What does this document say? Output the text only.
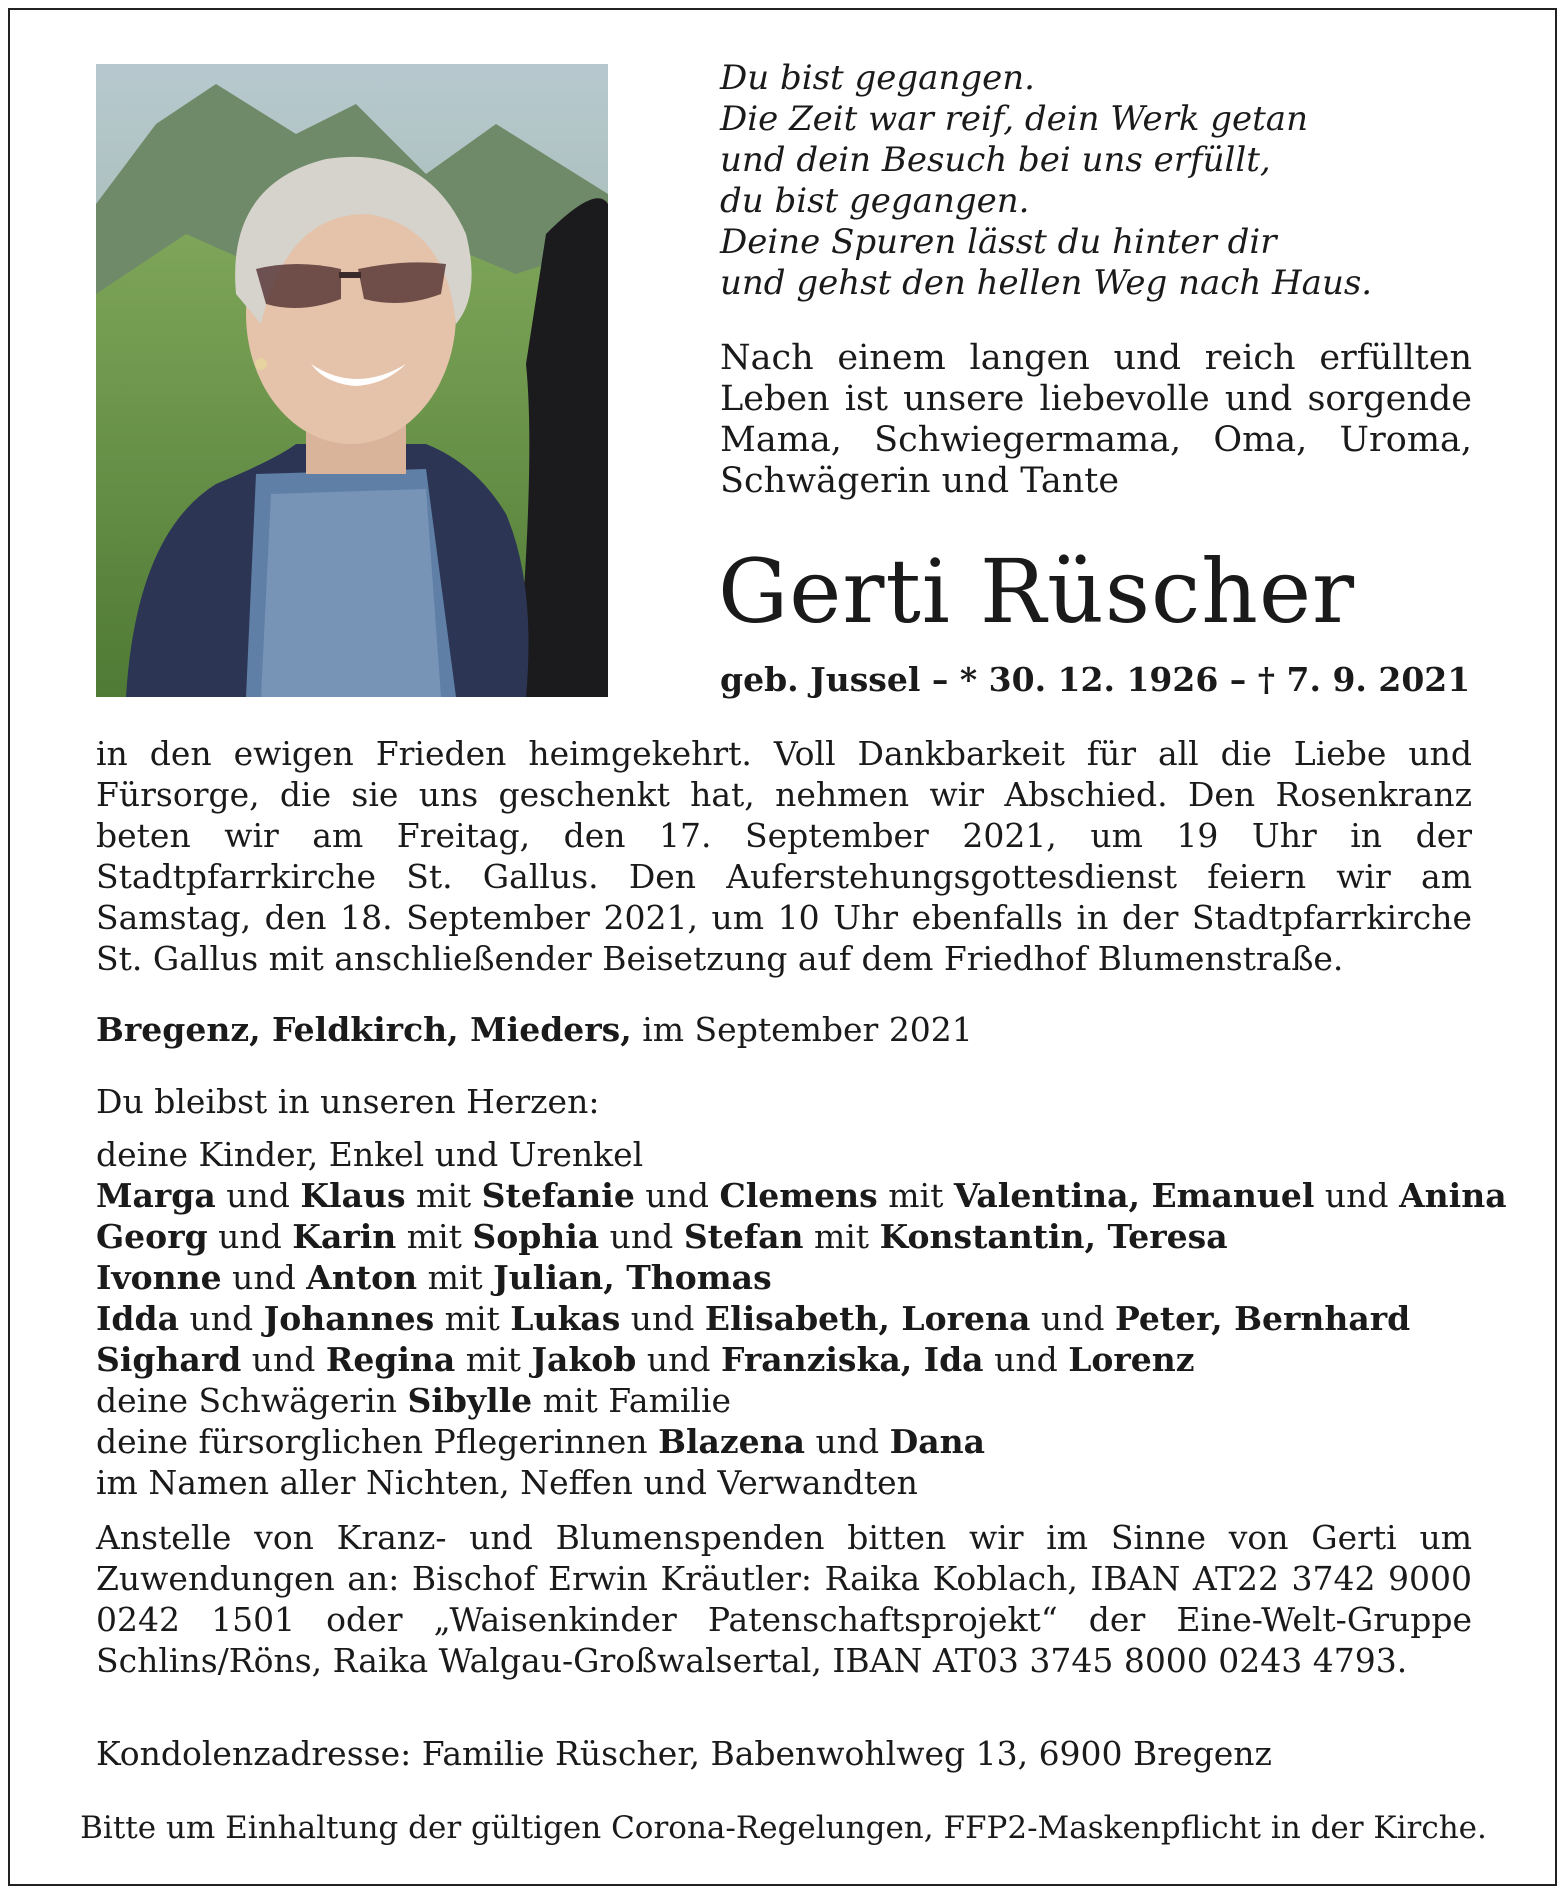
Du bist gegangen.
Die Zeit war reif, dein Werk getan
und dein Besuch bei uns erfüllt,
du bist gegangen.
Deine Spuren lässt du hinter dir
und gehst den hellen Weg nach Haus.
Nach einem langen und reich erfüllten Leben ist unsere liebevolle und sorgende Mama, Schwiegermama, Oma, Uroma, Schwägerin und Tante
Gerti Rüscher
geb. Jussel – * 30. 12. 1926 – † 7. 9. 2021
in den ewigen Frieden heimgekehrt. Voll Dankbarkeit für all die Liebe und Fürsorge, die sie uns geschenkt hat, nehmen wir Abschied. Den Rosenkranz beten wir am Freitag, den 17. September 2021, um 19 Uhr in der Stadtpfarrkirche St. Gallus. Den Auferstehungsgottesdienst feiern wir am Samstag, den 18. September 2021, um 10 Uhr ebenfalls in der Stadtpfarrkirche St. Gallus mit anschließender Beisetzung auf dem Friedhof Blumenstraße.
Bregenz, Feldkirch, Mieders, im September 2021
Du bleibst in unseren Herzen:
deine Kinder, Enkel und Urenkel
Marga und Klaus mit Stefanie und Clemens mit Valentina, Emanuel und Anina
Georg und Karin mit Sophia und Stefan mit Konstantin, Teresa
Ivonne und Anton mit Julian, Thomas
Idda und Johannes mit Lukas und Elisabeth, Lorena und Peter, Bernhard
Sighard und Regina mit Jakob und Franziska, Ida und Lorenz
deine Schwägerin Sibylle mit Familie
deine fürsorglichen Pflegerinnen Blazena und Dana
im Namen aller Nichten, Neffen und Verwandten
Anstelle von Kranz- und Blumenspenden bitten wir im Sinne von Gerti um Zuwendungen an: Bischof Erwin Kräutler: Raika Koblach, IBAN AT22 3742 9000 0242 1501 oder „Waisenkinder Patenschaftsprojekt“ der Eine-Welt-Gruppe Schlins/Röns, Raika Walgau-Großwalsertal, IBAN AT03 3745 8000 0243 4793.
Kondolenzadresse: Familie Rüscher, Babenwohlweg 13, 6900 Bregenz
Bitte um Einhaltung der gültigen Corona-Regelungen, FFP2-Maskenpflicht in der Kirche.
